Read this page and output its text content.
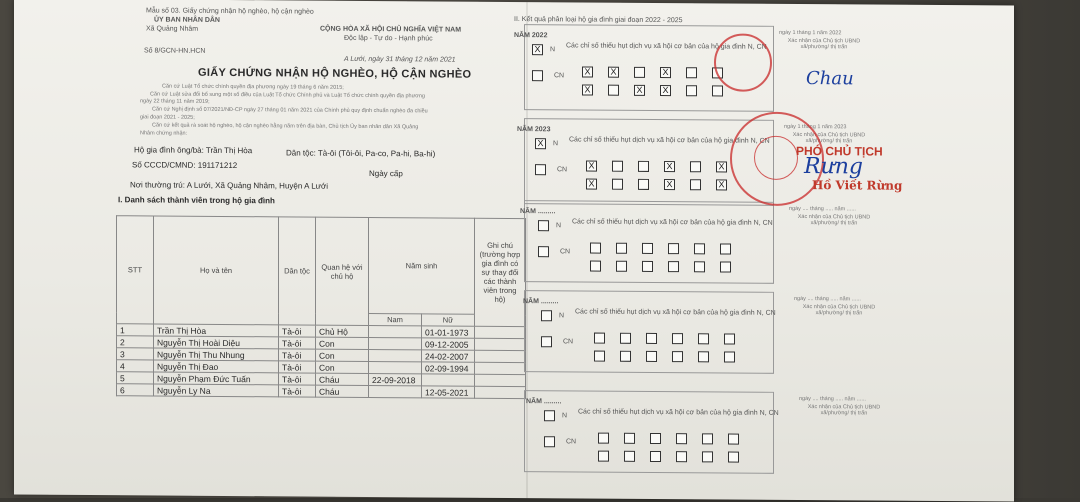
Mẫu số 03. Giấy chứng nhận hộ nghèo, hộ cận nghèo
ỦY BAN NHÂN DÂN
Xã Quảng Nhâm	CỘNG HÒA XÃ HỘI CHỦ NGHĨA VIỆT NAM
Độc lập - Tự do - Hạnh phúc
Số 8/GCN-HN.HCN
A Lưới, ngày 31 tháng 12 năm 2021
GIẤY CHỨNG NHẬN HỘ NGHÈO, HỘ CẬN NGHÈO
Căn cứ Luật Tổ chức chính quyền địa phương ngày 19 tháng 6 năm 2015;
Căn cứ Luật sửa đổi bổ sung một số điều của Luật Tổ chức Chính phủ và Luật Tổ chức chính quyền địa phương
ngày 22 tháng 11 năm 2019;
Căn cứ Nghị định số 07/2021/NĐ-CP ngày 27 tháng 01 năm 2021 của Chính phủ quy định chuẩn nghèo đa chiều
giai đoạn 2021 - 2025;
Căn cứ kết quả rà soát hộ nghèo, hộ cận nghèo hằng năm trên địa bàn, Chủ tịch Ủy ban nhân dân Xã Quảng
Nhâm chứng nhận:
Hộ gia đình ông/bà: Trần Thị Hòa	Dân tộc: Tà-ôi (Tôi-ôi, Pa-co, Pa-hi, Ba-hi)
Số CCCD/CMND: 191171212
Ngày cấp
Nơi thường trú: A Lưới, Xã Quảng Nhâm, Huyện A Lưới
I. Danh sách thành viên trong hộ gia đình
STT	Họ và tên	Dân tộc	Quan hệ với chủ hộ	Năm sinh		Ghi chú (trường hợp gia đình có sự thay đổi các thành viên trong hộ)
				Nam	Nữ	
1	Trần Thị Hòa	Tà-ôi	Chủ Hộ		01-01-1973	
2	Nguyễn Thị Hoài Diệu	Tà-ôi	Con		09-12-2005	
3	Nguyễn Thị Thu Nhung	Tà-ôi	Con		24-02-2007	
4	Nguyễn Thị Đao	Tà-ôi	Con		02-09-1994	
5	Nguyễn Phạm Đức Tuấn	Tà-ôi	Cháu	22-09-2018		
6	Nguyễn Ly Na	Tà-ôi	Cháu		12-05-2021	
II. Kết quả phân loại hộ gia đình giai đoạn 2022 - 2025
NĂM 2022
X	N Các chỉ số thiếu hụt dịch vụ xã hội cơ bản của hộ gia đình N, CN
CN X
X
X
X
X
X
ngày 1 tháng 1 năm 2022
Xác nhận của Chủ tịch UBND xã/phường/ thị trấn
NĂM 2023
X	N Các chỉ số thiếu hụt dịch vụ xã hội cơ bản của hộ gia đình N, CN
CN X
X
X
X
X
X
ngày 1 tháng 1 năm 2023
Xác nhận của Chủ tịch UBND xã/phường/ thị trấn
NĂM .........
N Các chỉ số thiếu hụt dịch vụ xã hội cơ bản của hộ gia đình N, CN
CN
ngày .... tháng ..... năm ......
Xác nhận của Chủ tịch UBND xã/phường/ thị trấn
NĂM .........
N Các chỉ số thiếu hụt dịch vụ xã hội cơ bản của hộ gia đình N, CN
CN
ngày .... tháng ..... năm ......
Xác nhận của Chủ tịch UBND xã/phường/ thị trấn
NĂM .........
N Các chỉ số thiếu hụt dịch vụ xã hội cơ bản của hộ gia đình N, CN
CN
ngày .... tháng ..... năm ......
Xác nhận của Chủ tịch UBND xã/phường/ thị trấn
PHÓ CHỦ TỊCH
Rưng
Hồ Viết Rừng
Chau
